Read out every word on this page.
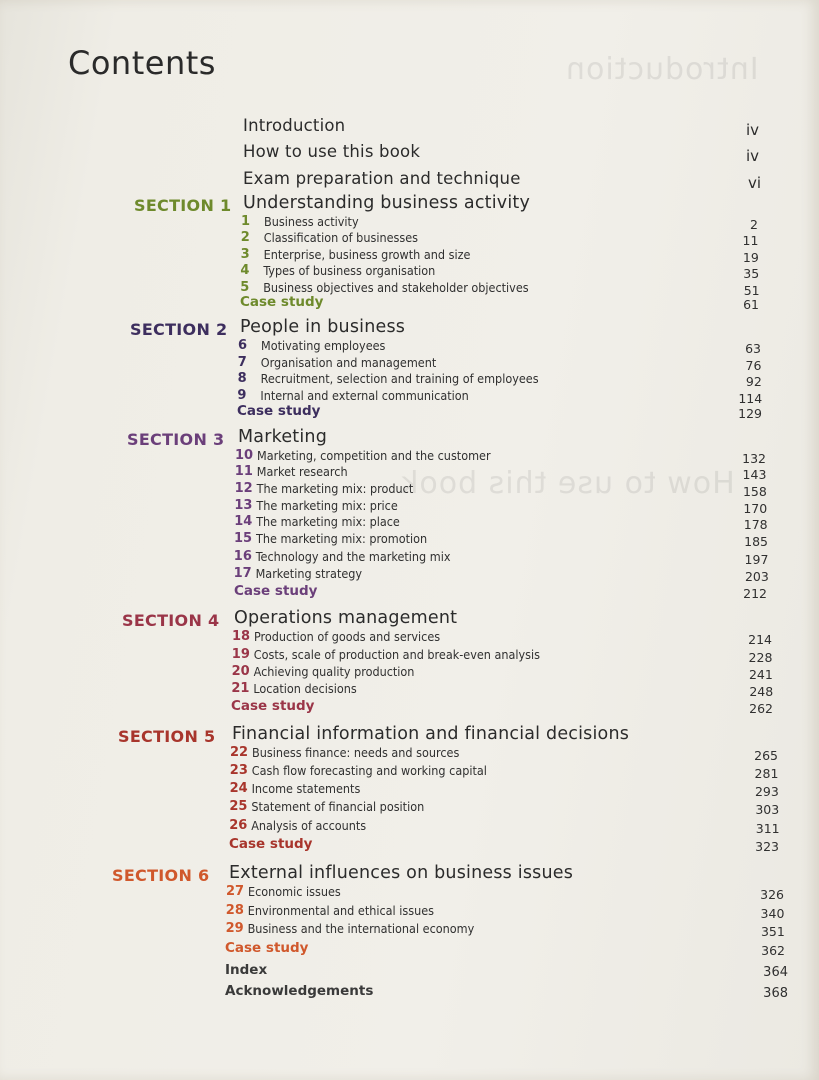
Introduction
How to use this book
Contents
Introduction	iv
How to use this book	iv
Exam preparation and technique	vi
SECTION 1 Understanding business activity
1 Business activity	2
2 Classification of businesses	11
3 Enterprise, business growth and size	19
4 Types of business organisation	35
5 Business objectives and stakeholder objectives	51
Case study	61
SECTION 2 People in business
6 Motivating employees	63
7 Organisation and management	76
8 Recruitment, selection and training of employees	92
9 Internal and external communication	114
Case study	129
SECTION 3 Marketing
10 Marketing, competition and the customer	132
11 Market research	143
12 The marketing mix: product	158
13 The marketing mix: price	170
14 The marketing mix: place	178
15 The marketing mix: promotion	185
16 Technology and the marketing mix	197
17 Marketing strategy	203
Case study	212
SECTION 4 Operations management
18 Production of goods and services	214
19 Costs, scale of production and break-even analysis	228
20 Achieving quality production	241
21 Location decisions	248
Case study	262
SECTION 5 Financial information and financial decisions
22 Business finance: needs and sources	265
23 Cash flow forecasting and working capital	281
24 Income statements	293
25 Statement of financial position	303
26 Analysis of accounts	311
Case study	323
SECTION 6 External influences on business issues
27 Economic issues	326
28 Environmental and ethical issues	340
29 Business and the international economy	351
Case study	362
Index	364
Acknowledgements	368
